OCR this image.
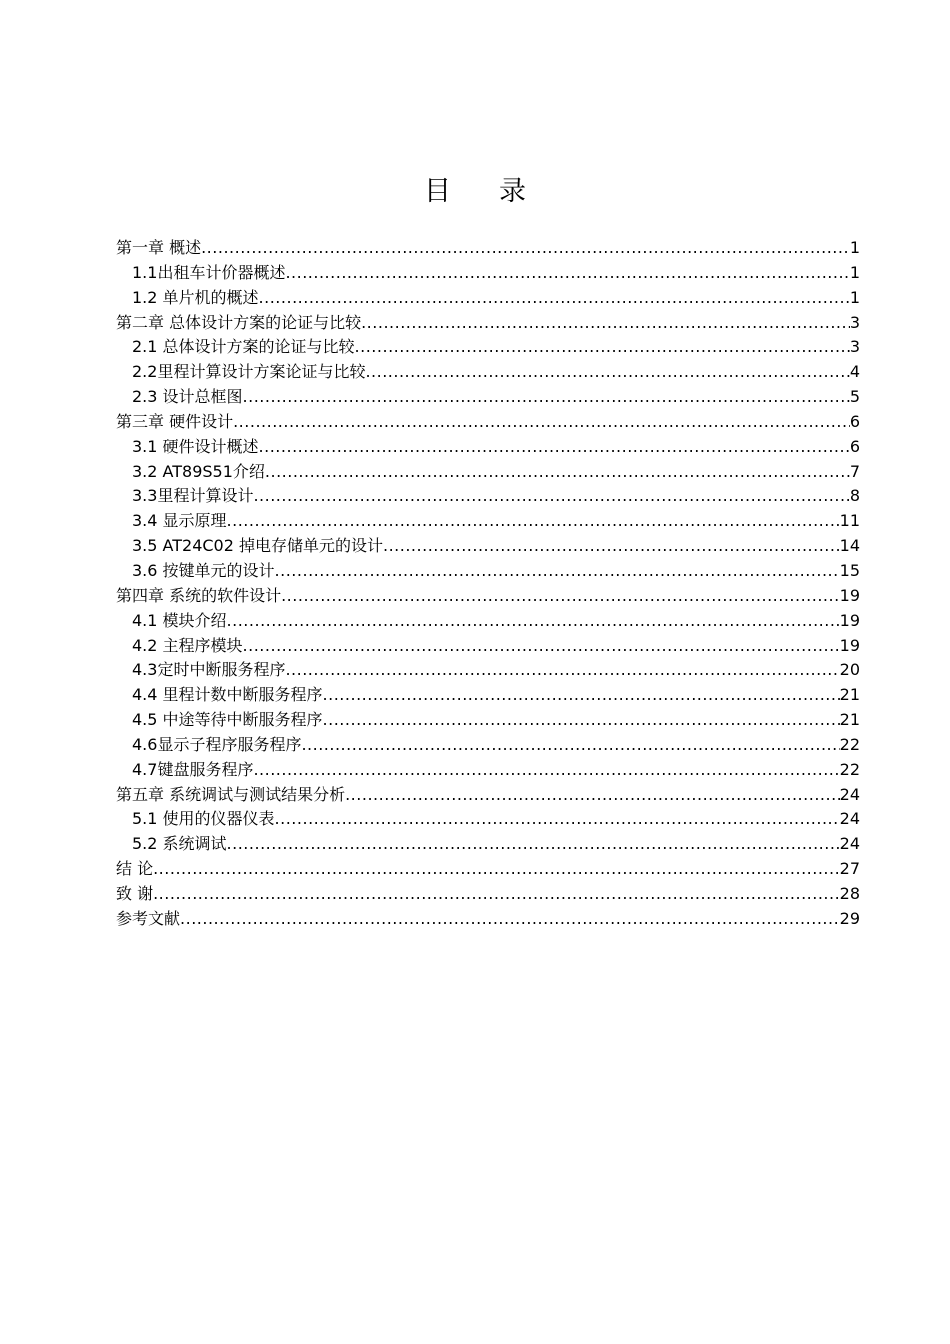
目 录
第一章 概述 .....	1
1.1出租车计价器概述 .....	1
1.2 单片机的概述 .....	1
第二章 总体设计方案的论证与比较 .....	3
2.1 总体设计方案的论证与比较 .....	3
2.2里程计算设计方案论证与比较 .....	4
2.3 设计总框图 .....	5
第三章 硬件设计 .....	6
3.1 硬件设计概述 .....	6
3.2 AT89S51介绍 .....	7
3.3里程计算设计 .....	8
3.4 显示原理 .....	11
3.5 AT24C02 掉电存储单元的设计 .....	14
3.6 按键单元的设计 .....	15
第四章 系统的软件设计 .....	19
4.1 模块介绍 .....	19
4.2 主程序模块 .....	19
4.3定时中断服务程序 .....	20
4.4 里程计数中断服务程序 .....	21
4.5 中途等待中断服务程序 .....	21
4.6显示子程序服务程序 .....	22
4.7键盘服务程序 .....	22
第五章 系统调试与测试结果分析 .....	24
5.1 使用的仪器仪表 .....	24
5.2 系统调试 .....	24
结 论 .....	27
致 谢 .....	28
参考文献 .....	29
